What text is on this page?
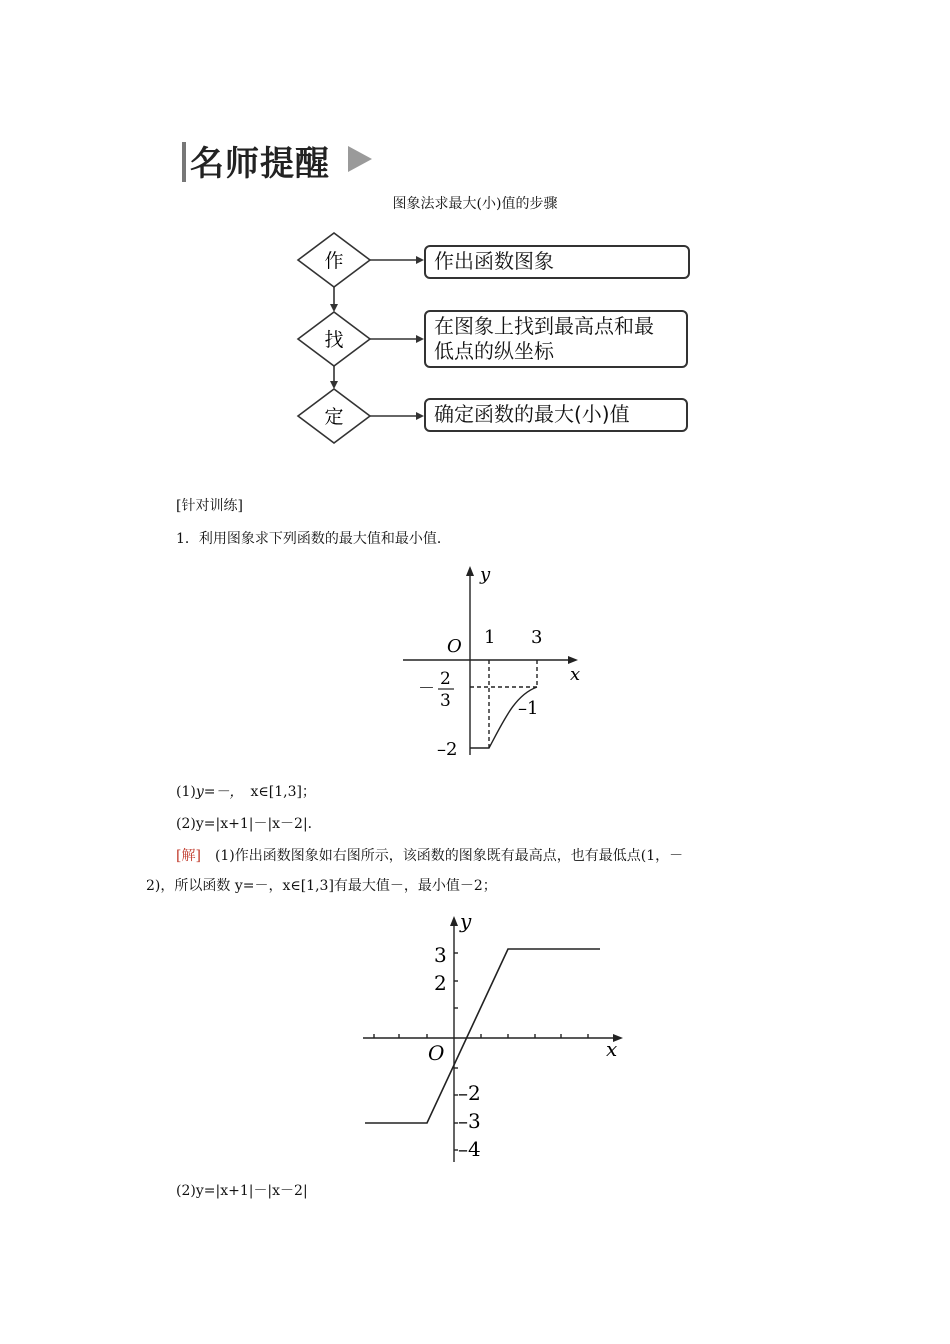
名师提醒
图象法求最大(小)值的步骤
作
找
定
作出函数图象
在图象上找到最高点和最
低点的纵坐标
确定函数的最大(小)值
[针对训练]
1．利用图象求下列函数的最大值和最小值．
y
x
O 1 3
－ 2
3	–1
–2
(1)y=－，　 x∈[1,3]；
(2)y=|x+1|－|x－2|．
[解]　 (1)作出函数图象如右图所示，该函数的图象既有最高点，也有最低点(1，－
2)，所以函数 y=－，x∈[1,3]有最大值－，最小值－2；
y
x
O
3
2
–2
–3
–4
(2)y=|x+1|－|x－2|
